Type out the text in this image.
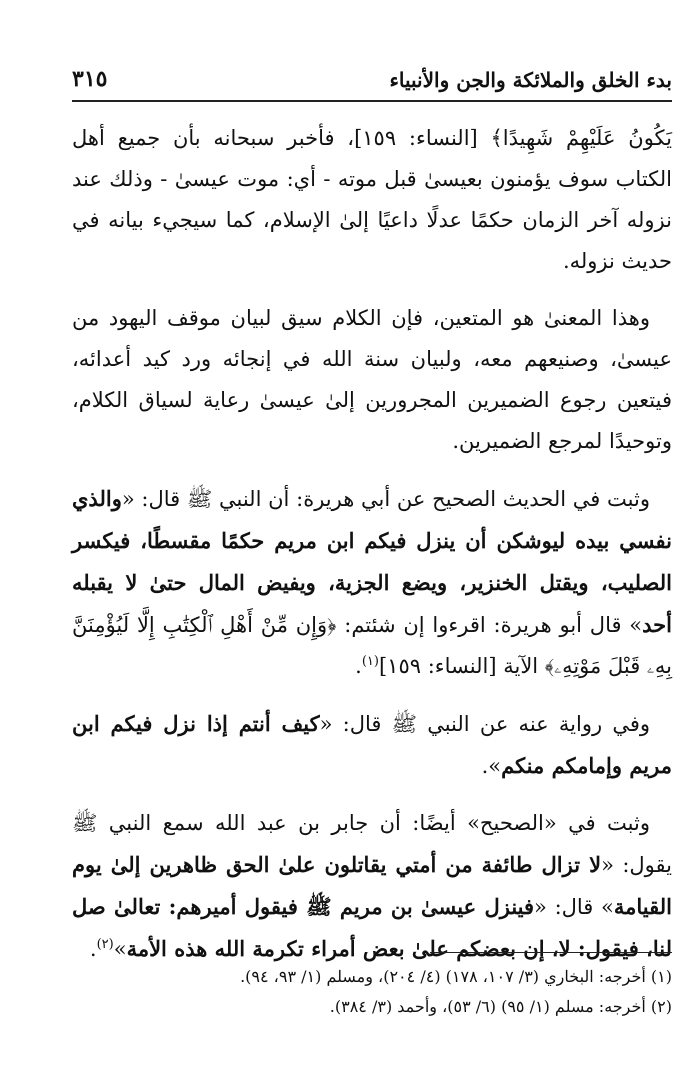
بدء الخلق والملائكة والجن والأنبياء
٣١٥

يَكُونُ عَلَيْهِمْ شَهِيدًا﴾ [النساء: ١٥٩]، فأخبر سبحانه بأن جميع أهل الكتاب سوف يؤمنون بعيسىٰ قبل موته - أي: موت عيسىٰ - وذلك عند نزوله آخر الزمان حكمًا عدلًا داعيًا إلىٰ الإسلام، كما سيجيء بيانه في حديث نزوله.

وهذا المعنىٰ هو المتعين، فإن الكلام سيق لبيان موقف اليهود من عيسىٰ، وصنيعهم معه، ولبيان سنة الله في إنجائه ورد كيد أعدائه، فيتعين رجوع الضميرين المجرورين إلىٰ عيسىٰ رعاية لسياق الكلام، وتوحيدًا لمرجع الضميرين.

وثبت في الحديث الصحيح عن أبي هريرة: أن النبي ﷺ قال: «والذي نفسي بيده ليوشكن أن ينزل فيكم ابن مريم حكمًا مقسطًا، فيكسر الصليب، ويقتل الخنزير، ويضع الجزية، ويفيض المال حتىٰ لا يقبله أحد» قال أبو هريرة: اقرءوا إن شئتم: ﴿وَإِن مِّنْ أَهْلِ ٱلْكِتَٰبِ إِلَّا لَيُؤْمِنَنَّ بِهِۦ قَبْلَ مَوْتِهِۦ﴾ الآية [النساء: ١٥٩]$^{(١)}$.

وفي رواية عنه عن النبي ﷺ قال: «كيف أنتم إذا نزل فيكم ابن مريم وإمامكم منكم».

وثبت في «الصحيح» أيضًا: أن جابر بن عبد الله سمع النبي ﷺ يقول: «لا تزال طائفة من أمتي يقاتلون علىٰ الحق ظاهرين إلىٰ يوم القيامة» قال: «فينزل عيسىٰ بن مريم ﷺ فيقول أميرهم: تعالىٰ صل لنا، فيقول: لا، إن بعضكم علىٰ بعض أمراء تكرمة الله هذه الأمة»$^{(٢)}$.

(١) أخرجه: البخاري (٣/ ١٠٧، ١٧٨) (٤/ ٢٠٤)، ومسلم (١/ ٩٣، ٩٤).

(٢) أخرجه: مسلم (١/ ٩٥) (٦/ ٥٣)، وأحمد (٣/ ٣٨٤).
